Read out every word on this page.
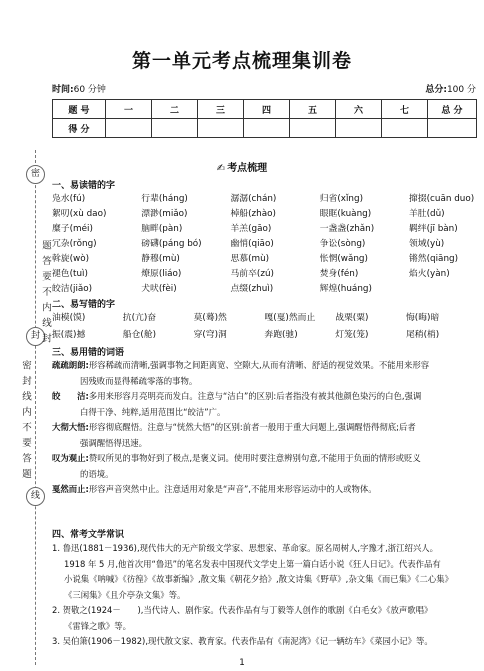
密
封
线
题答要不内线封
密封线内不要答题
第一单元考点梳理集训卷
时间:60 分钟	总分:100 分
题 号	一	二	三	四	五	六	七	总 分
得 分								
✍ 考点梳理
一、易读错的字
凫水(fú)	行辈(háng)	潺潺(chán)	归省(xǐng)	撺掇(cuān duo)
絮叨(xù dao)	漂渺(miǎo)	棹船(zhào)	眼眶(kuàng)	羊肚(dǔ)
糜子(méi)	脑畔(pàn)	羊羔(gāo)	一盏盏(zhǎn)	羁绊(jī bàn)
冗杂(rǒng)	磅礴(páng bó)	幽悄(qiāo)	争讼(sòng)	领域(yù)
斡旋(wò)	静穆(mù)	思慕(mù)	怅惘(wǎng)	锵然(qiāng)
褪色(tuì)	燎原(liáo)	马前卒(zú)	焚身(fén)	焰火(yàn)
皎洁(jiǎo)	犬吠(fèi)	点缀(zhuì)	辉煌(huáng)
二、易写错的字
油模(馍)	抗(亢)奋	莫(蓦)然	嘎(戛)然而止	战栗(粟)	悔(晦)暗
振(震)撼	船仓(舱)	穿(穹)洞	奔跑(驰)	灯笼(笼)	尾稍(梢)
三、易用错的词语
疏疏朗朗:形容稀疏而清晰,强调事物之间距离宽、空隙大,从而有清晰、舒适的视觉效果。不能用来形容
因残败而显得稀疏零落的事物。
皎　　洁:多用来形容月亮明亮而发白。注意与“洁白”的区别:后者指没有被其他颜色染污的白色,强调
白得干净、纯粹,适用范围比“皎洁”广。
大彻大悟:形容彻底醒悟。注意与“恍然大悟”的区别:前者一般用于重大问题上,强调醒悟得彻底;后者
强调醒悟得迅速。
叹为观止:赞叹所见的事物好到了极点,是褒义词。使用时要注意辨别句意,不能用于负面的情形或贬义
的语境。
戛然而止:形容声音突然中止。注意适用对象是“声音”,不能用来形容运动中的人或物体。
四、常考文学常识
1. 鲁迅(1881－1936),现代伟大的无产阶级文学家、思想家、革命家。原名周树人,字豫才,浙江绍兴人。
1918 年 5 月,他首次用“鲁迅”的笔名发表中国现代文学史上第一篇白话小说《狂人日记》。代表作品有
小说集《呐喊》《彷徨》《故事新编》,散文集《朝花夕拾》,散文诗集《野草》,杂文集《而已集》《二心集》
《三闲集》《且介亭杂文集》等。
2. 贺敬之(1924－　　),当代诗人、剧作家。代表作品有与丁毅等人创作的歌剧《白毛女》《放声歌唱》
《雷锋之歌》等。
3. 吴伯箫(1906－1982),现代散文家、教育家。代表作品有《南泥湾》《记一辆纺车》《菜园小记》等。
1
